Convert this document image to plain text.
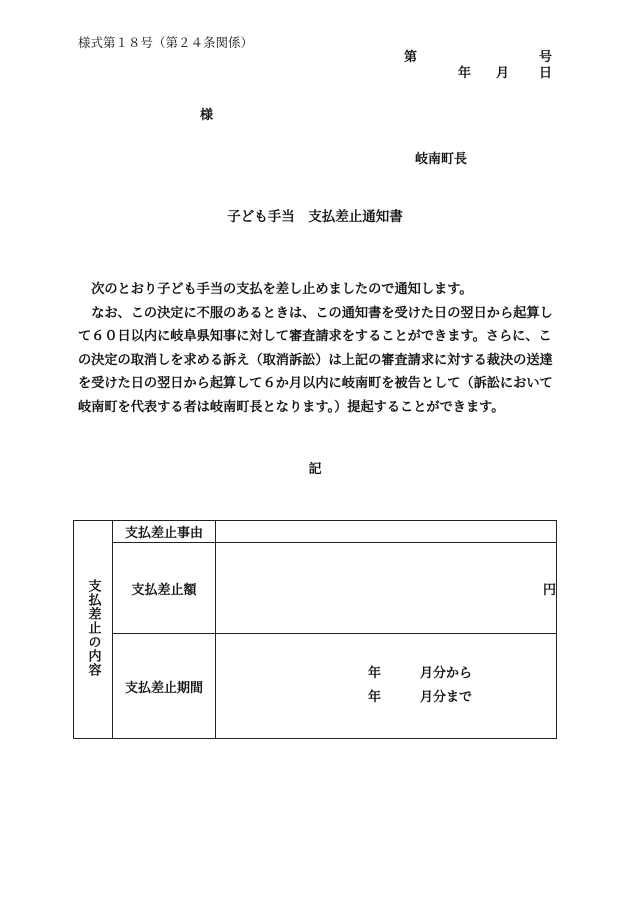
様式第１８号（第２４条関係）
第	号
年 月 日
様
岐南町長
子ども手当　支払差止通知書

次のとおり子ども手当の支払を差し止めましたので通知します。

なお、この決定に不服のあるときは、この通知書を受けた日の翌日から起算して６０日以内に岐阜県知事に対して審査請求をすることができます。さらに、この決定の取消しを求める訴え（取消訴訟）は上記の審査請求に対する裁決の送達を受けた日の翌日から起算して６か月以内に岐南町を被告として（訴訟において岐南町を代表する者は岐南町長となります。）提起することができます。

記
支払差止の内容	支払差止事由	
	支払差止額	円
	支払差止期間	年 月分から
年 月分まで
